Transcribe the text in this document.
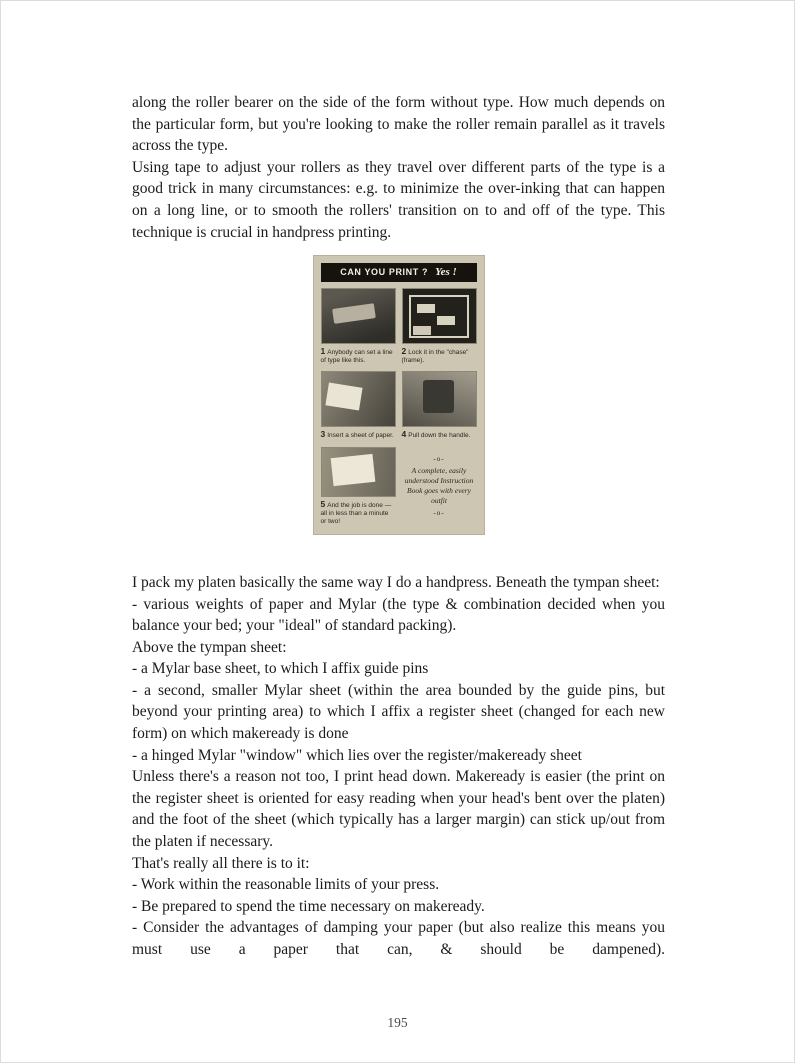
along the roller bearer on the side of the form without type. How much depends on the particular form, but you're looking to make the roller remain parallel as it travels across the type.

Using tape to adjust your rollers as they travel over different parts of the type is a good trick in many circumstances: e.g. to minimize the over-inking that can happen on a long line, or to smooth the rollers' transition on to and off of the type. This technique is crucial in handpress printing.

CAN YOU PRINT ? Yes !
1 Anybody can set a line of type like this.
2 Lock it in the "chase" (frame).
3 Insert a sheet of paper. 4 Pull down the handle.
5 And the job is done — all in less than a minute or two!
-o-
A complete, easily understood Instruction Book goes with every outfit
-o-

I pack my platen basically the same way I do a handpress. Beneath the tympan sheet:

- various weights of paper and Mylar (the type & combination decided when you balance your bed; your "ideal" of standard packing).

Above the tympan sheet:

- a Mylar base sheet, to which I affix guide pins

- a second, smaller Mylar sheet (within the area bounded by the guide pins, but beyond your printing area) to which I affix a register sheet (changed for each new form) on which makeready is done

- a hinged Mylar "window" which lies over the register/makeready sheet

Unless there's a reason not too, I print head down. Makeready is easier (the print on the register sheet is oriented for easy reading when your head's bent over the platen) and the foot of the sheet (which typically has a larger margin) can stick up/out from the platen if necessary.

That's really all there is to it:

- Work within the reasonable limits of your press.

- Be prepared to spend the time necessary on makeready.

- Consider the advantages of damping your paper (but also realize this means you must use a paper that can, & should be dampened).

195
